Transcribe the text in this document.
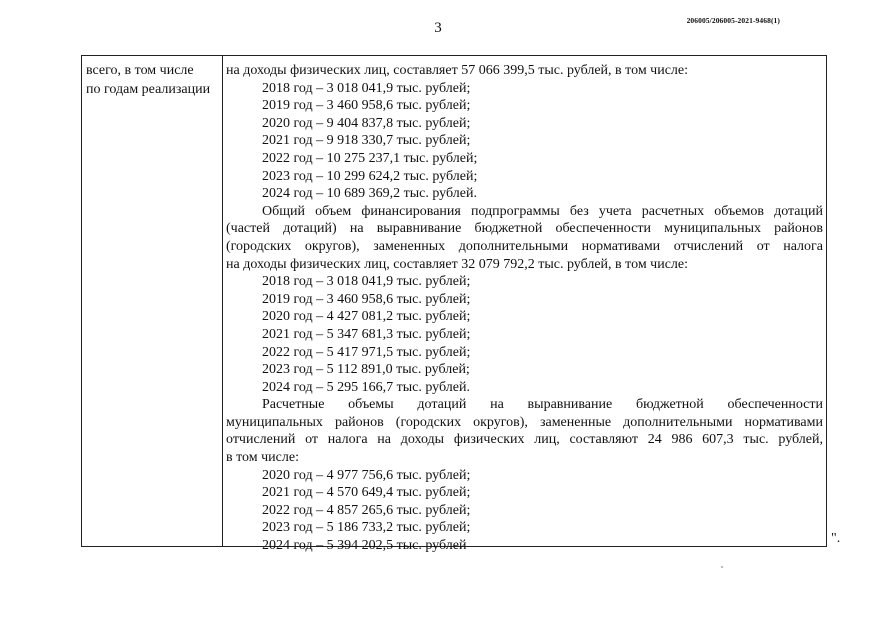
3	206005/206005-2021-9468(1)
всего, в том числе
по годам реализации
на доходы физических лиц, составляет 57 066 399,5 тыс. рублей, в том числе:
2018 год – 3 018 041,9 тыс. рублей;
2019 год – 3 460 958,6 тыс. рублей;
2020 год – 9 404 837,8 тыс. рублей;
2021 год – 9 918 330,7 тыс. рублей;
2022 год – 10 275 237,1 тыс. рублей;
2023 год – 10 299 624,2 тыс. рублей;
2024 год – 10 689 369,2 тыс. рублей.
Общий объем финансирования подпрограммы без учета расчетных объемов дотаций
(частей дотаций) на выравнивание бюджетной обеспеченности муниципальных районов
(городских округов), замененных дополнительными нормативами отчислений от налога
на доходы физических лиц, составляет 32 079 792,2 тыс. рублей, в том числе:
2018 год – 3 018 041,9 тыс. рублей;
2019 год – 3 460 958,6 тыс. рублей;
2020 год – 4 427 081,2 тыс. рублей;
2021 год – 5 347 681,3 тыс. рублей;
2022 год – 5 417 971,5 тыс. рублей;
2023 год – 5 112 891,0 тыс. рублей;
2024 год – 5 295 166,7 тыс. рублей.
Расчетные объемы дотаций на выравнивание бюджетной обеспеченности
муниципальных районов (городских округов), замененные дополнительными нормативами
отчислений от налога на доходы физических лиц, составляют 24 986 607,3 тыс. рублей,
в том числе:
2020 год – 4 977 756,6 тыс. рублей;
2021 год – 4 570 649,4 тыс. рублей;
2022 год – 4 857 265,6 тыс. рублей;
2023 год – 5 186 733,2 тыс. рублей;
2024 год – 5 394 202,5 тыс. рублей	".
